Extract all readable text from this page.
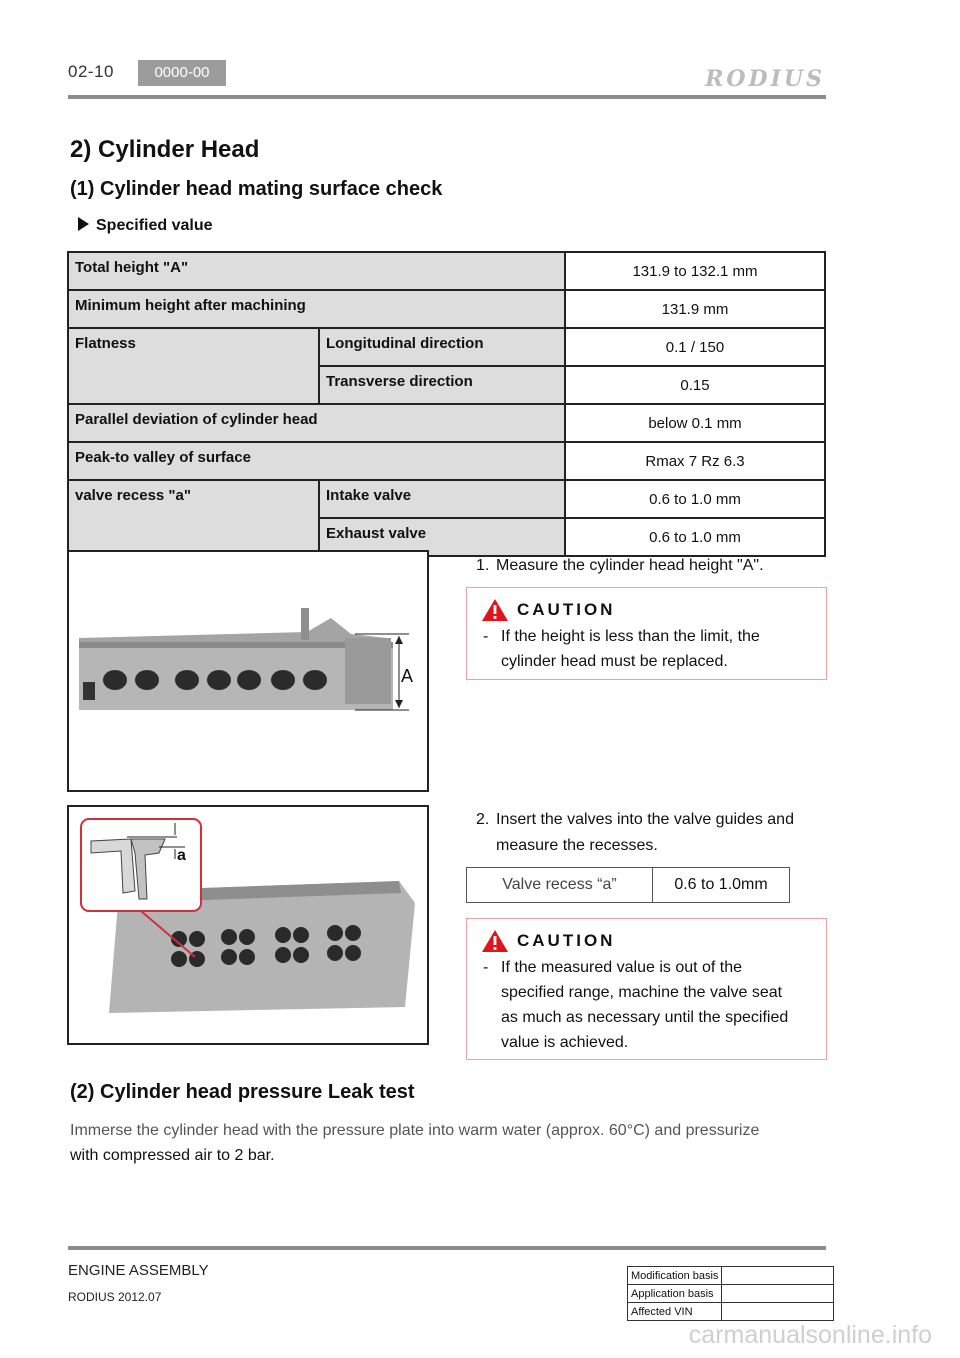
02-10	0000-00	RODIUS
2) Cylinder Head
(1) Cylinder head mating surface check
Specified value
Total height "A"		131.9 to 132.1 mm
Minimum height after machining		131.9 mm
Flatness	Longitudinal direction	0.1 / 150
	Transverse direction	0.15
Parallel deviation of cylinder head		below 0.1 mm
Peak-to valley of surface		Rmax 7 Rz 6.3
valve recess "a"	Intake valve	0.6 to 1.0 mm
	Exhaust valve	0.6 to 1.0 mm
A
a
1. Measure the cylinder head height "A".
CAUTION
- If the height is less than the limit, the
cylinder head must be replaced.
2. Insert the valves into the valve guides and
measure the recesses.
Valve recess “a”	0.6 to 1.0mm
CAUTION
- If the measured value is out of the
specified range, machine the valve seat
as much as necessary until the specified
value is achieved.
(2) Cylinder head pressure Leak test
Immerse the cylinder head with the pressure plate into warm water (approx. 60°C) and pressurize
with compressed air to 2 bar.
ENGINE ASSEMBLY
RODIUS 2012.07
Modification basis	
Application basis	
Affected VIN	
carmanualsonline.info
